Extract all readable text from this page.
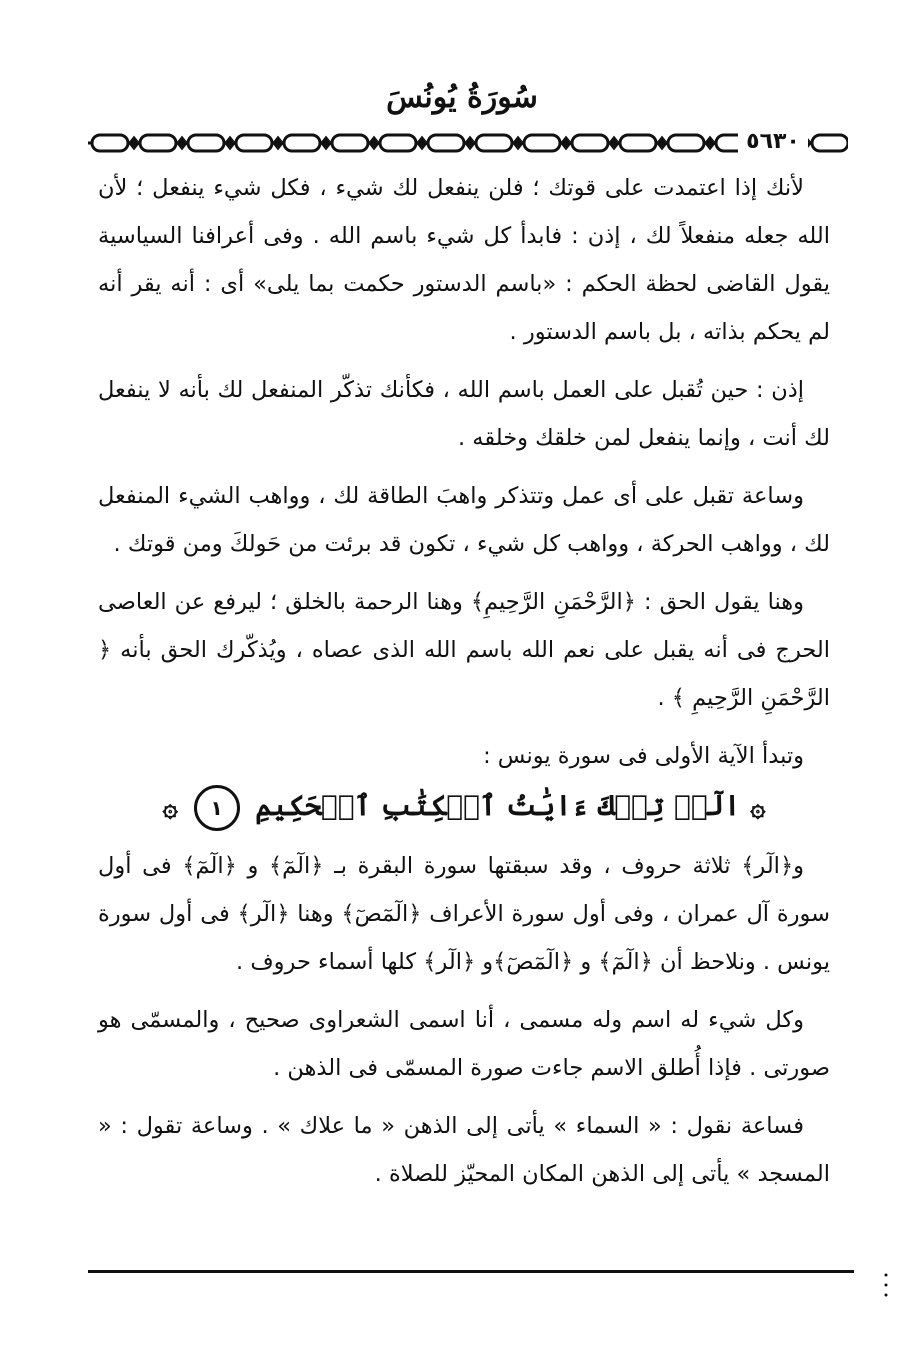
سُورَةُ يُونُسَ
٥٦٣٠

لأنك إذا اعتمدت على قوتك ؛ فلن ينفعل لك شيء ، فكل شيء ينفعل ؛ لأن الله جعله منفعلاً لك ، إذن : فابدأ كل شيء باسم الله . وفى أعرافنا السياسية يقول القاضى لحظة الحكم : «باسم الدستور حكمت بما يلى» أى : أنه يقر أنه لم يحكم بذاته ، بل باسم الدستور .

إذن : حين تُقبل على العمل باسم الله ، فكأنك تذكّر المنفعل لك بأنه لا ينفعل لك أنت ، وإنما ينفعل لمن خلقك وخلقه .

وساعة تقبل على أى عمل وتتذكر واهبَ الطاقة لك ، وواهب الشيء المنفعل لك ، وواهب الحركة ، وواهب كل شيء ، تكون قد برئت من حَولكَ ومن قوتك .

وهنا يقول الحق : ﴿الرَّحْمَنِ الرَّحِيمِ﴾ وهنا الرحمة بالخلق ؛ ليرفع عن العاصى الحرج فى أنه يقبل على نعم الله باسم الله الذى عصاه ، ويُذكّرك الحق بأنه ﴿ الرَّحْمَنِ الرَّحِيمِ ﴾ .

وتبدأ الآية الأولى فى سورة يونس :

۞ الٓرۚ تِلۡكَ ءَايَٰتُ ٱلۡكِتَٰبِ ٱلۡحَكِيمِ ١ ۞

و﴿الٓر﴾ ثلاثة حروف ، وقد سبقتها سورة البقرة بـ ﴿الٓمٓ﴾ و ﴿الٓمٓ﴾ فى أول سورة آل عمران ، وفى أول سورة الأعراف ﴿الٓمٓصٓ﴾ وهنا ﴿الٓر﴾ فى أول سورة يونس . ونلاحظ أن ﴿الٓمٓ﴾ و ﴿الٓمٓصٓ﴾و ﴿الٓر﴾ كلها أسماء حروف .

وكل شيء له اسم وله مسمى ، أنا اسمى الشعراوى صحيح ، والمسمّى هو صورتى . فإذا أُطلق الاسم جاءت صورة المسمّى فى الذهن .

فساعة نقول : « السماء » يأتى إلى الذهن « ما علاك » . وساعة تقول : « المسجد » يأتى إلى الذهن المكان المحيّز للصلاة .
